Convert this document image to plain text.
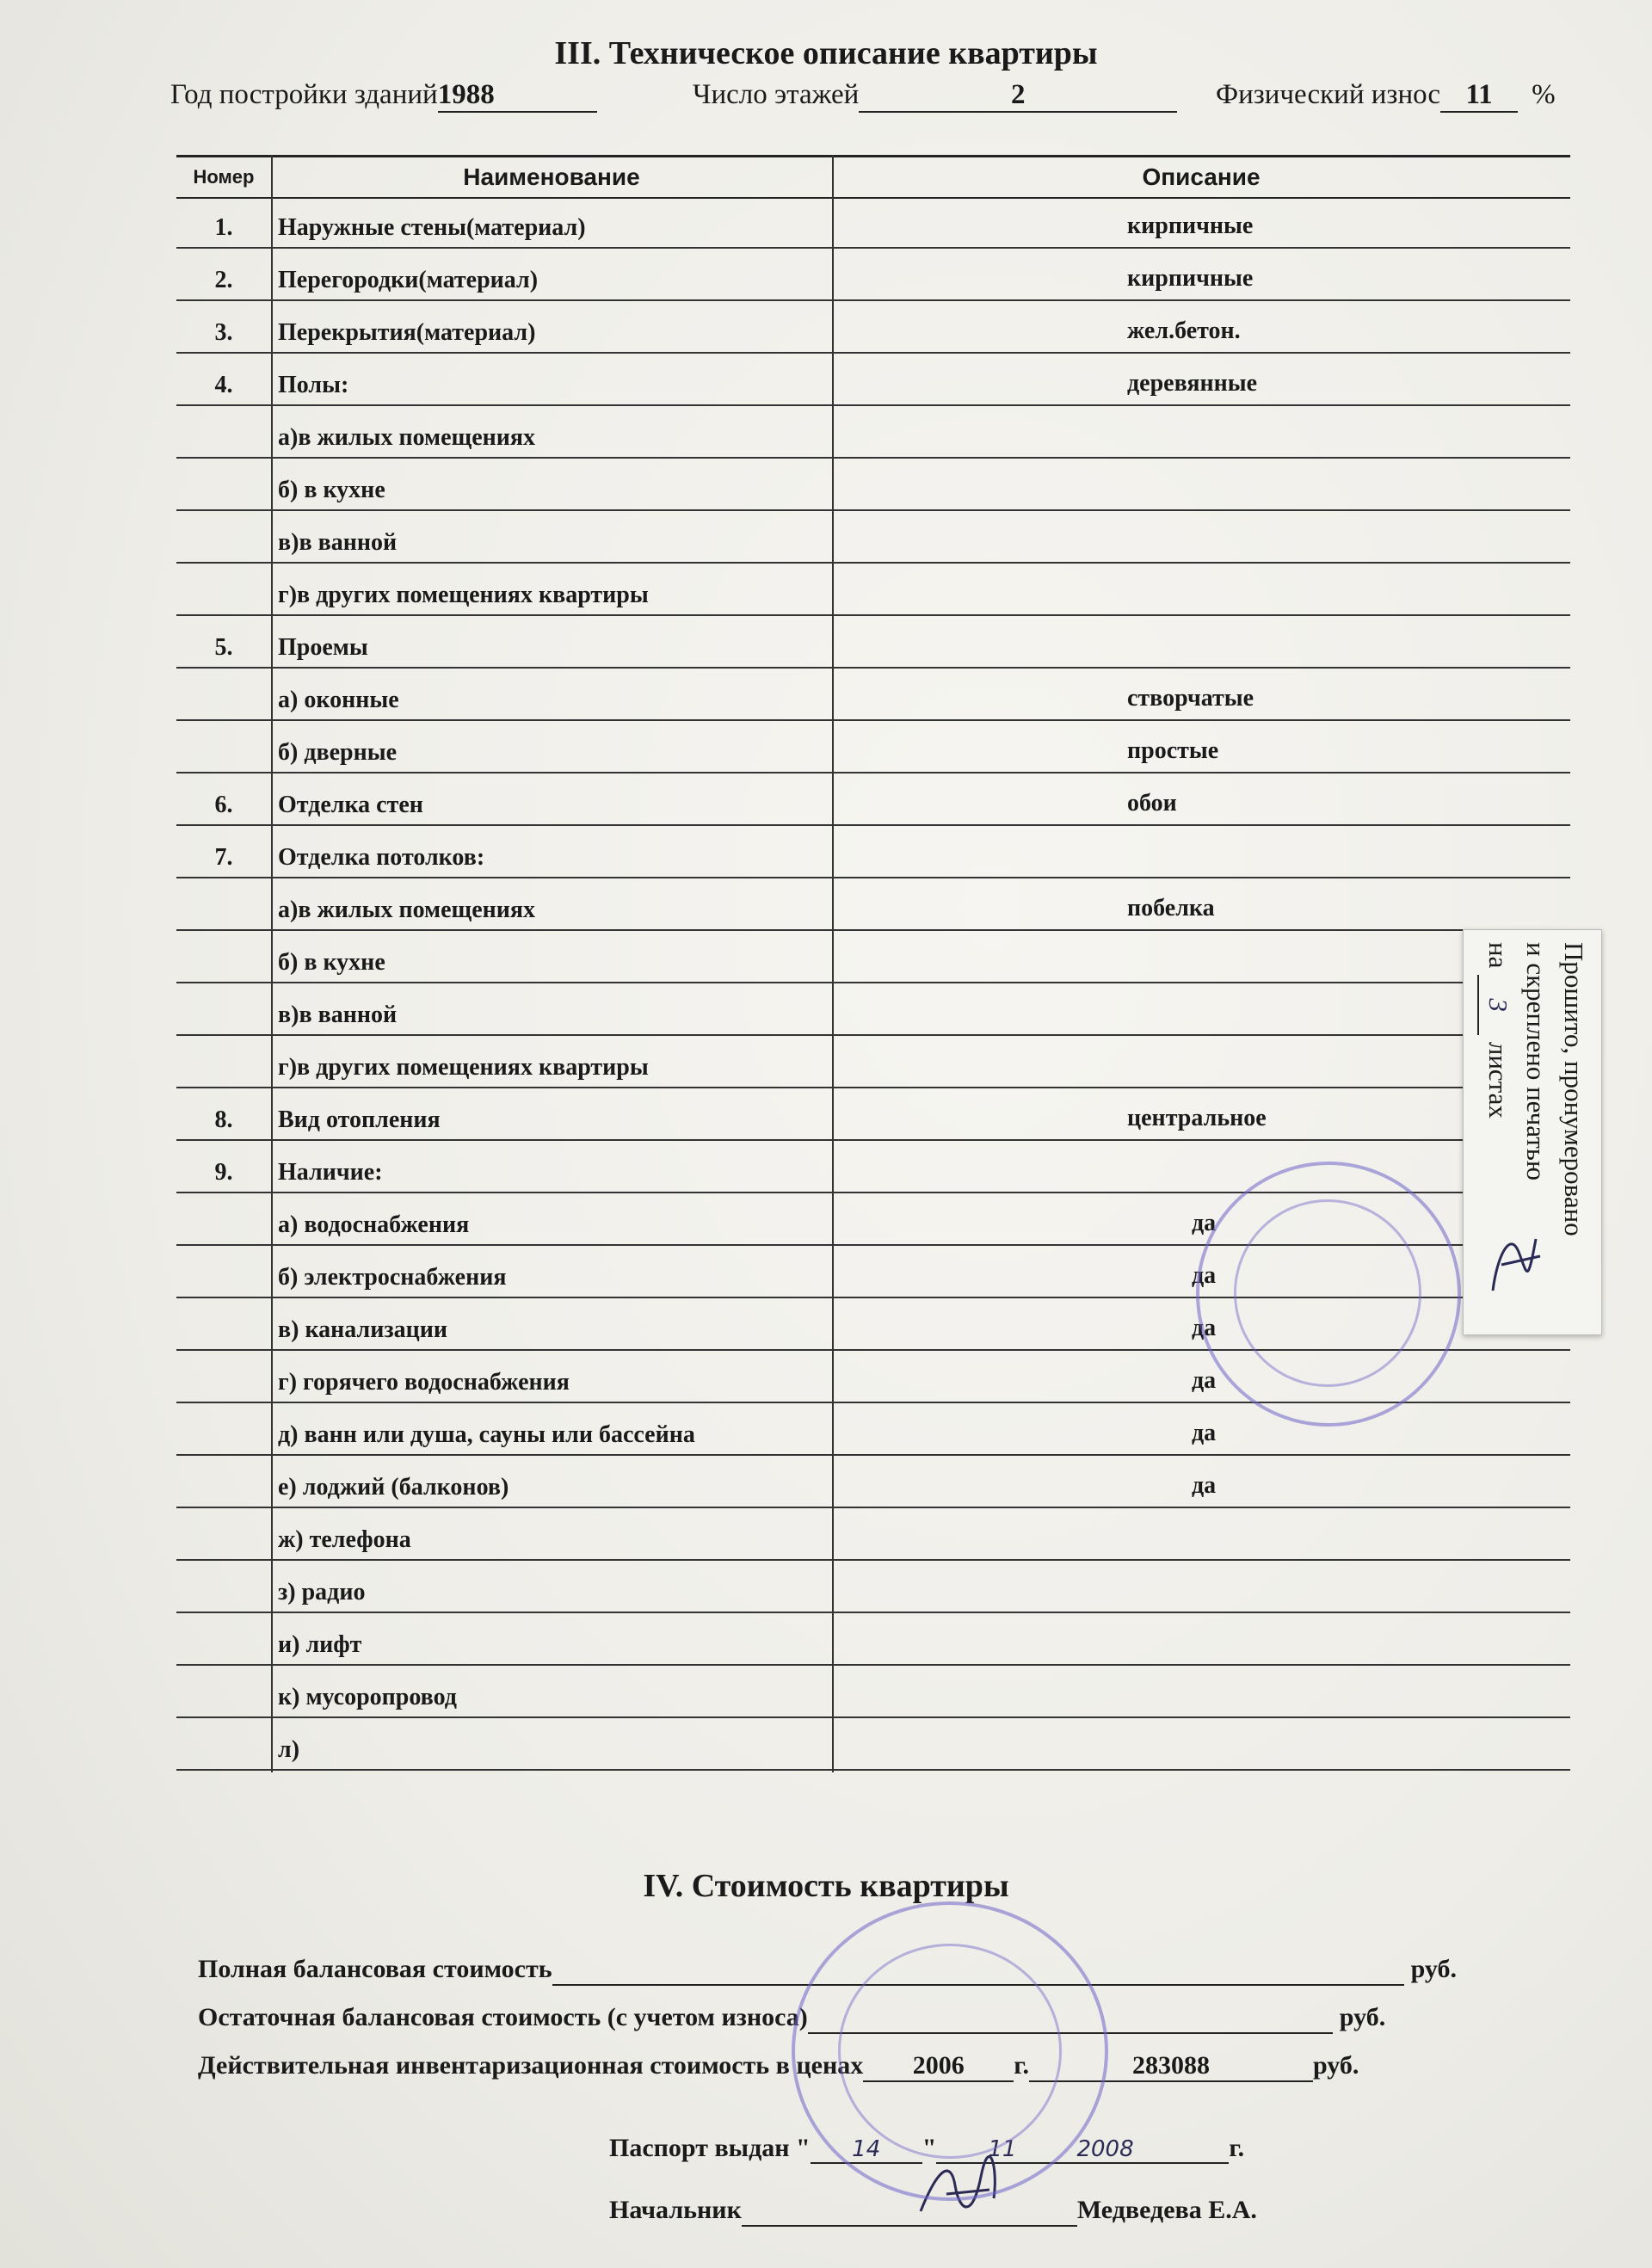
III. Техническое описание квартиры
Год постройки зданий1988	Число этажей	2	Физический износ 11 %
Номер	Наименование	Описание
1.	Наружные стены(материал)	кирпичные
2.	Перегородки(материал)	кирпичные
3.	Перекрытия(материал)	жел.бетон.
4.	Полы:	деревянные
а)в жилых помещениях
б) в кухне
в)в ванной
г)в других помещениях квартиры
5.	Проемы
а) оконные	створчатые
б) дверные	простые
6.	Отделка стен	обои
7.	Отделка потолков:
а)в жилых помещениях	побелка
б) в кухне
в)в ванной
г)в других помещениях квартиры
8.	Вид отопления	центральное
9.	Наличие:
а) водоснабжения	да
б) электроснабжения	да
в) канализации	да
г) горячего водоснабжения	да
д) ванн или душа, сауны или бассейна	да
е) лоджий (балконов)	да
ж) телефона
з) радио
и) лифт
к) мусоропровод
л)
IV. Стоимость квартиры
Полная балансовая стоимость	руб.
Остаточная балансовая стоимость (с учетом износа)	руб.
Действительная инвентаризационная стоимость в ценах 2006 г.	283088	руб.
Паспорт выдан " 14 " 11	2008	г.
Начальник	Медведева Е.А.
Прошито, пронумеровано
и скреплено печатью
на 3 листах
